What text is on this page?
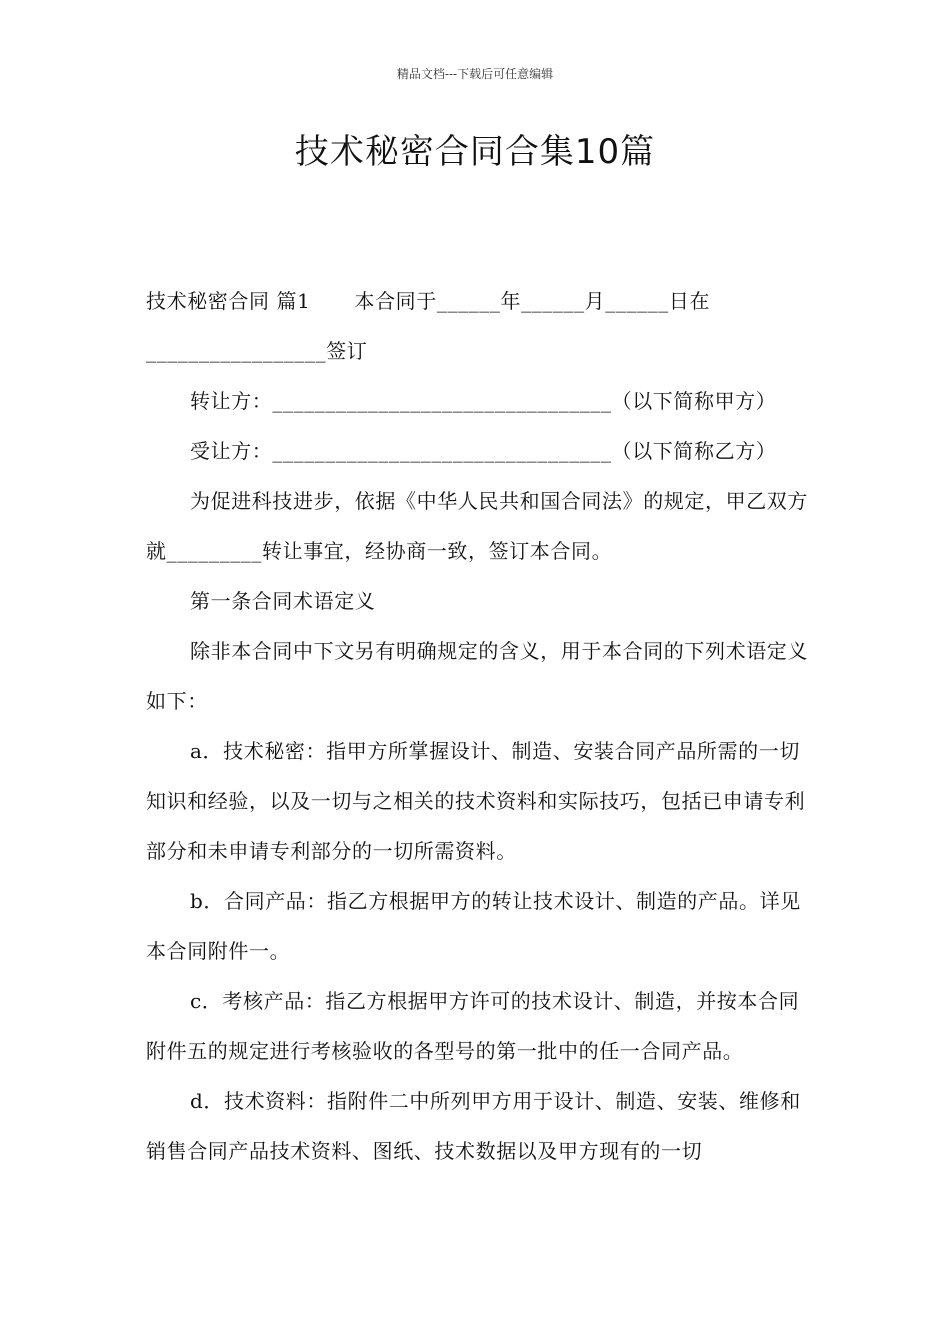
精品文档---下载后可任意编辑
技术秘密合同合集10篇

技术秘密合同 篇1 本合同于______年______月______日在_________________签订

转让方：________________________________（以下简称甲方）

受让方：________________________________（以下简称乙方）

为促进科技进步，依据《中华人民共和国合同法》的规定，甲乙双方就_________转让事宜，经协商一致，签订本合同。

第一条合同术语定义

除非本合同中下文另有明确规定的含义，用于本合同的下列术语定义如下：

a．技术秘密：指甲方所掌握设计、制造、安装合同产品所需的一切知识和经验，以及一切与之相关的技术资料和实际技巧，包括已申请专利部分和未申请专利部分的一切所需资料。

b．合同产品：指乙方根据甲方的转让技术设计、制造的产品。详见本合同附件一。

c．考核产品：指乙方根据甲方许可的技术设计、制造，并按本合同附件五的规定进行考核验收的各型号的第一批中的任一合同产品。

d．技术资料：指附件二中所列甲方用于设计、制造、安装、维修和销售合同产品技术资料、图纸、技术数据以及甲方现有的一切
